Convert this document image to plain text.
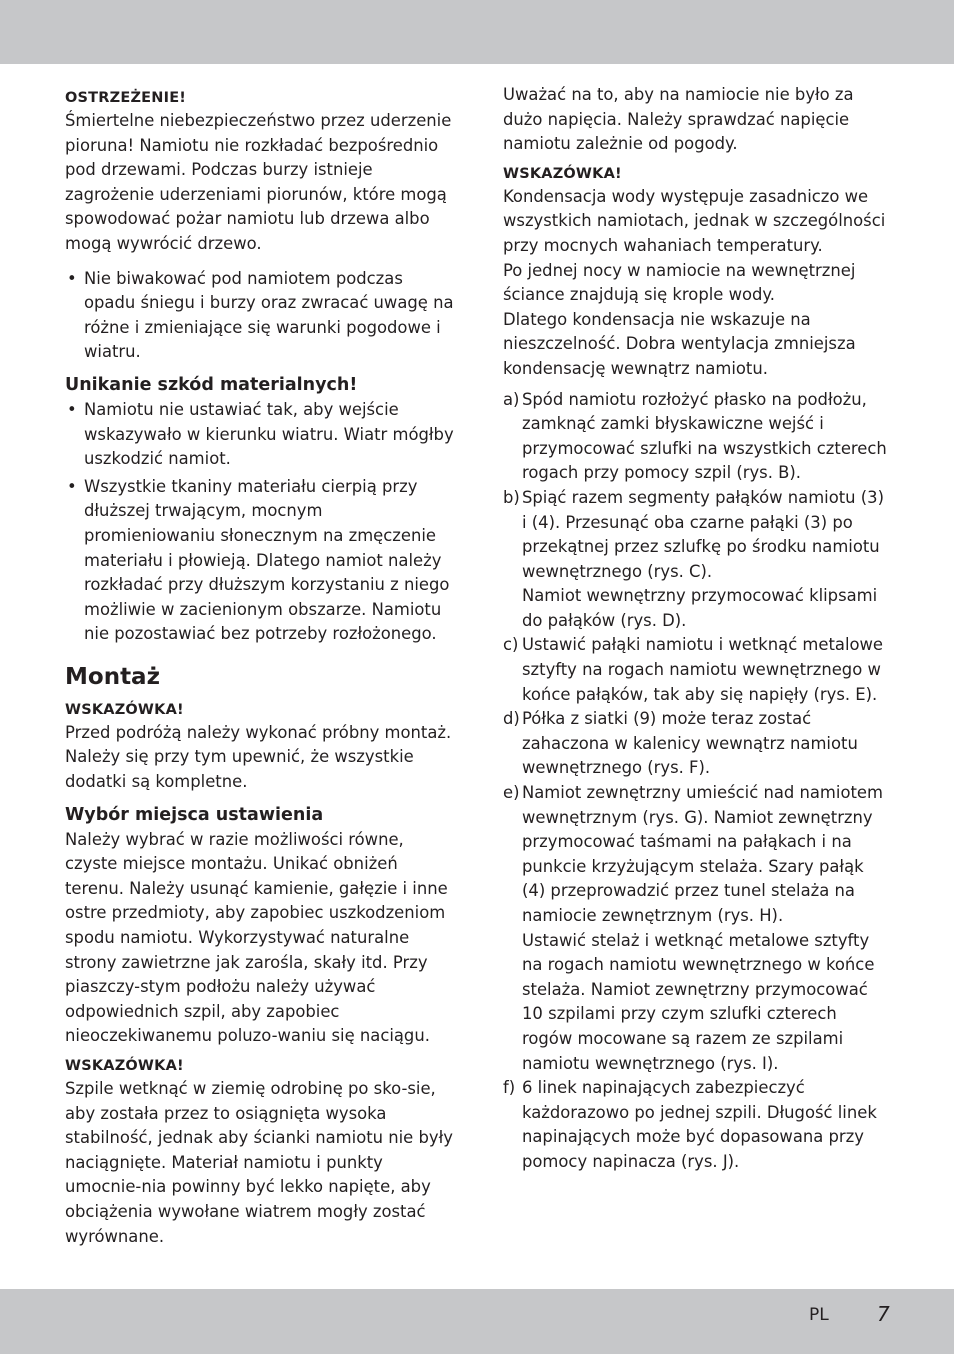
OSTRZEŻENIE!

Śmiertelne niebezpieczeństwo przez uderzenie pioruna! Namiotu nie rozkładać bezpośrednio pod drzewami. Podczas burzy istnieje zagrożenie uderzeniami piorunów, które mogą spowodować pożar namiotu lub drzewa albo mogą wywrócić drzewo.

• Nie biwakować pod namiotem podczas opadu śniegu i burzy oraz zwracać uwagę na różne i zmieniające się warunki pogodowe i wiatru.
Unikanie szkód materialnych!
• Namiotu nie ustawiać tak, aby wejście wskazywało w kierunku wiatru. Wiatr mógłby uszkodzić namiot.
• Wszystkie tkaniny materiału cierpią przy dłuższej trwającym, mocnym promieniowaniu słonecznym na zmęczenie materiału i płowieją. Dlatego namiot należy rozkładać przy dłuższym korzystaniu z niego możliwie w zacienionym obszarze. Namiotu nie pozostawiać bez potrzeby rozłożonego.
Montaż
WSKAZÓWKA!

Przed podróżą należy wykonać próbny montaż. Należy się przy tym upewnić, że wszystkie dodatki są kompletne.

Wybór miejsca ustawienia

Należy wybrać w razie możliwości równe, czyste miejsce montażu. Unikać obniżeń terenu. Należy usunąć kamienie, gałęzie i inne ostre przedmioty, aby zapobiec uszkodzeniom spodu namiotu. Wykorzystywać naturalne strony zawietrzne jak zarośla, skały itd. Przy piaszczy-stym podłożu należy używać odpowiednich szpil, aby zapobiec nieoczekiwanemu poluzo-waniu się naciągu.

WSKAZÓWKA!

Szpile wetknąć w ziemię odrobinę po sko-sie, aby została przez to osiągnięta wysoka stabilność, jednak aby ścianki namiotu nie były naciągnięte. Materiał namiotu i punkty umocnie-nia powinny być lekko napięte, aby obciążenia wywołane wiatrem mogły zostać wyrównane.

Uważać na to, aby na namiocie nie było za dużo napięcia. Należy sprawdzać napięcie namiotu zależnie od pogody.

WSKAZÓWKA!

Kondensacja wody występuje zasadniczo we wszystkich namiotach, jednak w szczególności przy mocnych wahaniach temperatury.

Po jednej nocy w namiocie na wewnętrznej ściance znajdują się krople wody.

Dlatego kondensacja nie wskazuje na nieszczelność. Dobra wentylacja zmniejsza kondensację wewnątrz namiotu.

a) Spód namiotu rozłożyć płasko na podłożu, zamknąć zamki błyskawiczne wejść i przymocować szlufki na wszystkich czterech rogach przy pomocy szpil (rys. B).
b) Spiąć razem segmenty pałąków namiotu (3) i (4). Przesunąć oba czarne pałąki (3) po przekątnej przez szlufkę po środku namiotu wewnętrznego (rys. C).
Namiot wewnętrzny przymocować klipsami do pałąków (rys. D).
c) Ustawić pałąki namiotu i wetknąć metalowe sztyfty na rogach namiotu wewnętrznego w końce pałąków, tak aby się napięły (rys. E).
d) Półka z siatki (9) może teraz zostać zahaczona w kalenicy wewnątrz namiotu wewnętrznego (rys. F).
e) Namiot zewnętrzny umieścić nad namiotem wewnętrznym (rys. G). Namiot zewnętrzny przymocować taśmami na pałąkach i na punkcie krzyżującym stelaża. Szary pałąk (4) przeprowadzić przez tunel stelaża na namiocie zewnętrznym (rys. H).
Ustawić stelaż i wetknąć metalowe sztyfty na rogach namiotu wewnętrznego w końce stelaża. Namiot zewnętrzny przymocować 10 szpilami przy czym szlufki czterech rogów mocowane są razem ze szpilami namiotu wewnętrznego (rys. I).
f) 6 linek napinających zabezpieczyć każdorazowo po jednej szpili. Długość linek napinających może być dopasowana przy pomocy napinacza (rys. J).
PL 7
